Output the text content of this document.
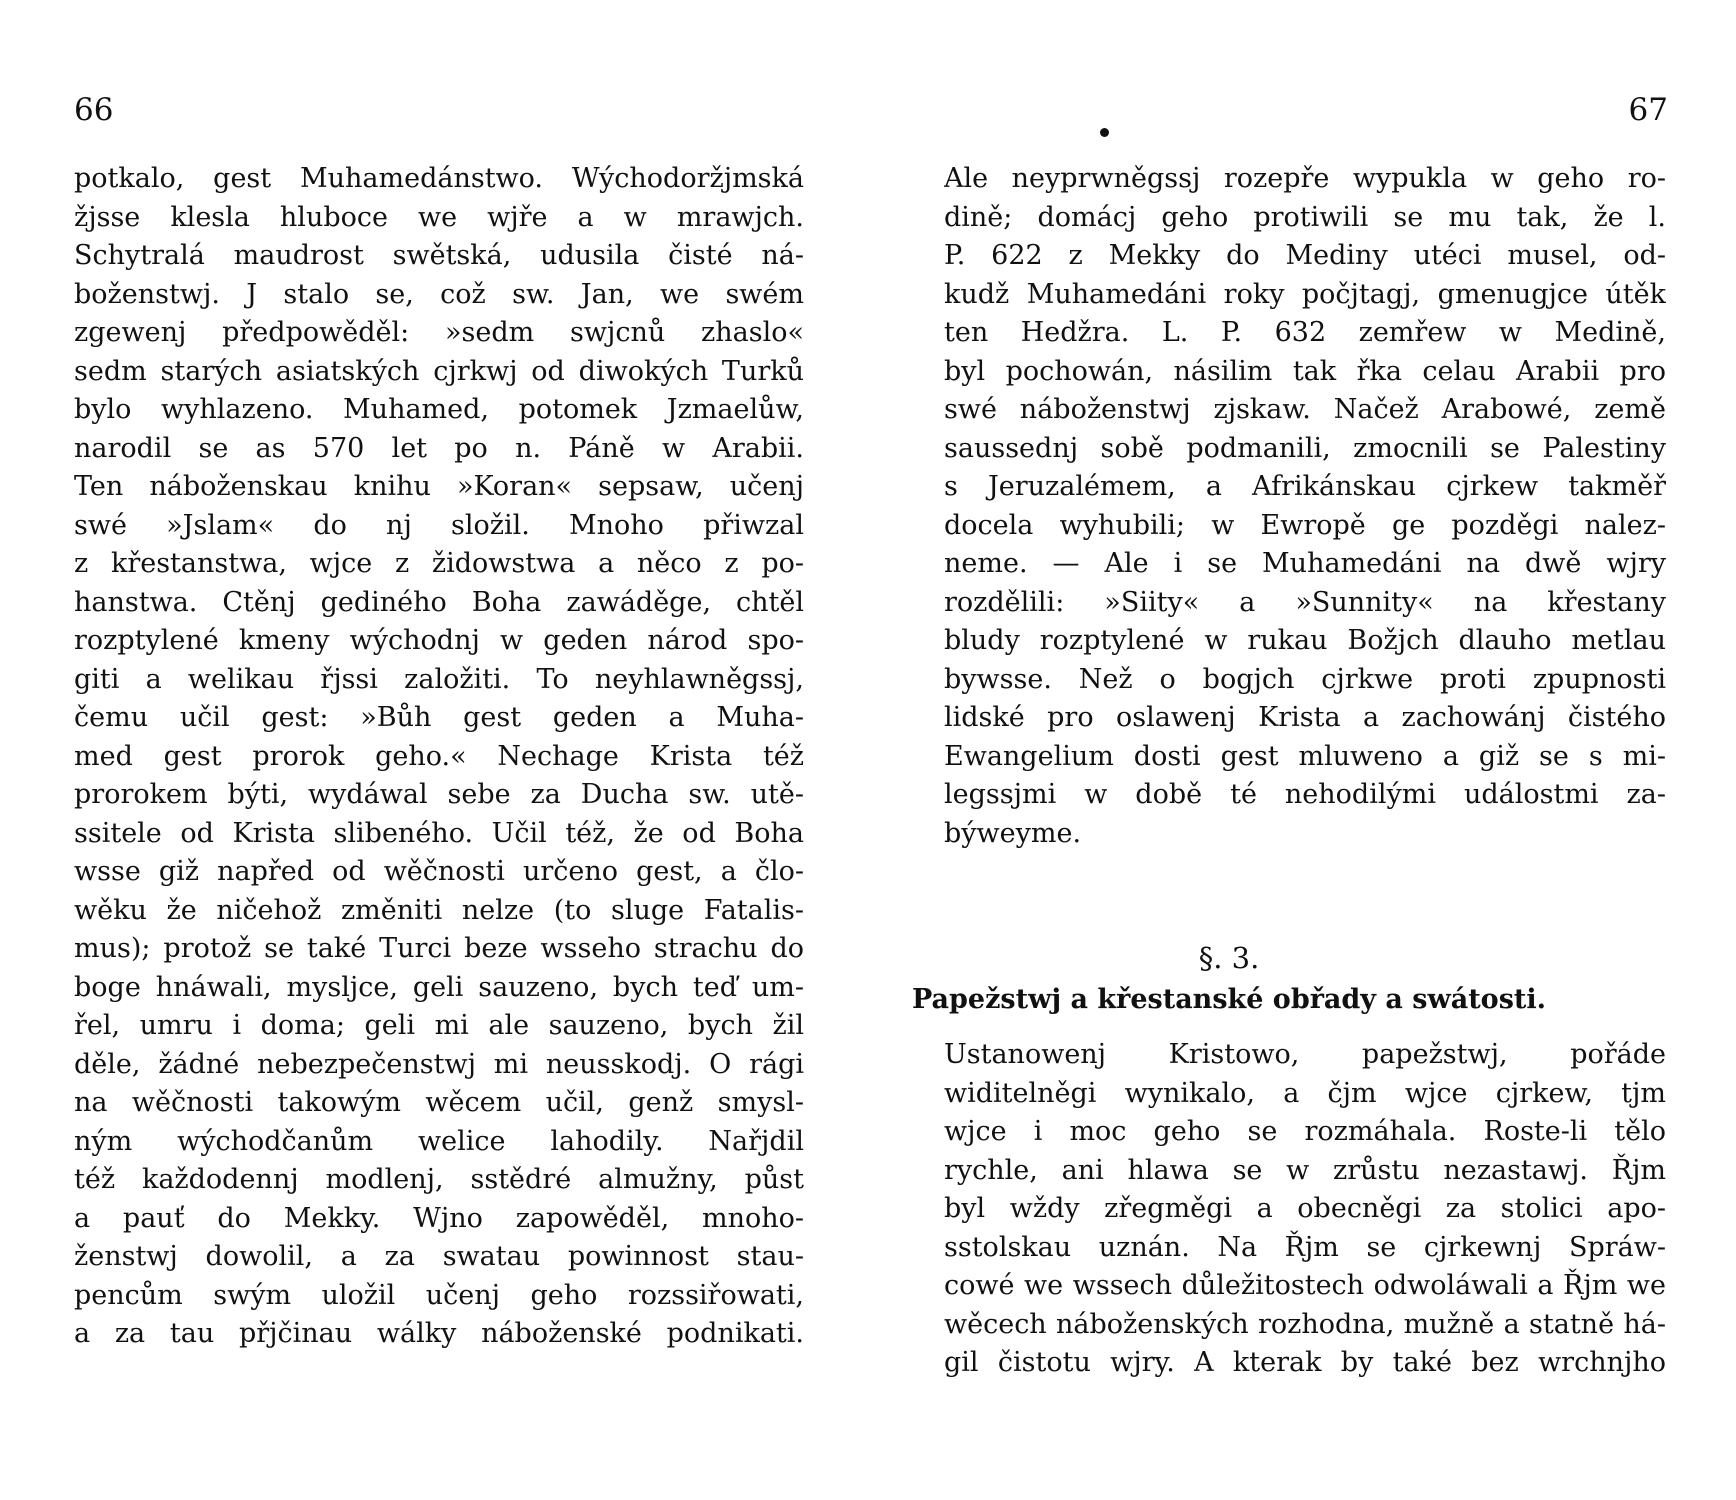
66
potkalo, gest Muhamedánstwo. Wýchodoržjmská
žjsse klesla hluboce we wjře a w mrawjch.
Schytralá maudrost swětská, udusila čisté ná-
boženstwj. J stalo se, což sw. Jan, we swém
zgewenj předpowěděl: »sedm swjcnů zhaslo«
sedm starých asiatských cjrkwj od diwokých Turků
bylo wyhlazeno. Muhamed, potomek Jzmaelůw,
narodil se as 570 let po n. Páně w Arabii.
Ten náboženskau knihu »Koran« sepsaw, učenj
swé »Jslam« do nj složil. Mnoho přiwzal
z křestanstwa, wjce z židowstwa a něco z po-
hanstwa. Ctěnj gediného Boha zawáděge, chtěl
rozptylené kmeny wýchodnj w geden národ spo-
giti a welikau řjssi založiti. To neyhlawněgssj,
čemu učil gest: »Bůh gest geden a Muha-
med gest prorok geho.« Nechage Krista též
prorokem býti, wydáwal sebe za Ducha sw. utě-
ssitele od Krista slibeného. Učil též, že od Boha
wsse giž napřed od wěčnosti určeno gest, a člo-
wěku že ničehož změniti nelze (to sluge Fatalis-
mus); protož se také Turci beze wsseho strachu do
boge hnáwali, mysljce, geli sauzeno, bych teď um-
řel, umru i doma; geli mi ale sauzeno, bych žil
děle, žádné nebezpečenstwj mi neusskodj. O rági
na wěčnosti takowým wěcem učil, genž smysl-
ným wýchodčanům welice lahodily. Nařjdil
též každodennj modlenj, sstědré almužny, půst
a pauť do Mekky. Wjno zapowěděl, mnoho-
ženstwj dowolil, a za swatau powinnost stau-
pencům swým uložil učenj geho rozssiřowati,
a za tau přjčinau wálky náboženské podnikati.
67
Ale neyprwněgssj rozepře wypukla w geho ro-
dině; domácj geho protiwili se mu tak, že l.
P. 622 z Mekky do Mediny utéci musel, od-
kudž Muhamedáni roky počjtagj, gmenugjce útěk
ten Hedžra. L. P. 632 zemřew w Medině,
byl pochowán, násilim tak řka celau Arabii pro
swé náboženstwj zjskaw. Načež Arabowé, země
saussednj sobě podmanili, zmocnili se Palestiny
s Jeruzalémem, a Afrikánskau cjrkew takměř
docela wyhubili; w Ewropě ge pozděgi nalez-
neme. — Ale i se Muhamedáni na dwě wjry
rozdělili: »Siity« a »Sunnity« na křestany
bludy rozptylené w rukau Božjch dlauho metlau
bywsse. Než o bogjch cjrkwe proti zpupnosti
lidské pro oslawenj Krista a zachowánj čistého
Ewangelium dosti gest mluweno a giž se s mi-
legssjmi w době té nehodilými událostmi za-
býweyme.
§. 3.
Papežstwj a křestanské obřady a swátosti.
Ustanowenj Kristowo, papežstwj, pořáde
widitelněgi wynikalo, a čjm wjce cjrkew, tjm
wjce i moc geho se rozmáhala. Roste-li tělo
rychle, ani hlawa se w zrůstu nezastawj. Řjm
byl wždy zřegměgi a obecněgi za stolici apo-
sstolskau uznán. Na Řjm se cjrkewnj Spráw-
cowé we wssech důležitostech odwoláwali a Řjm we
wěcech náboženských rozhodna, mužně a statně há-
gil čistotu wjry. A kterak by také bez wrchnjho
